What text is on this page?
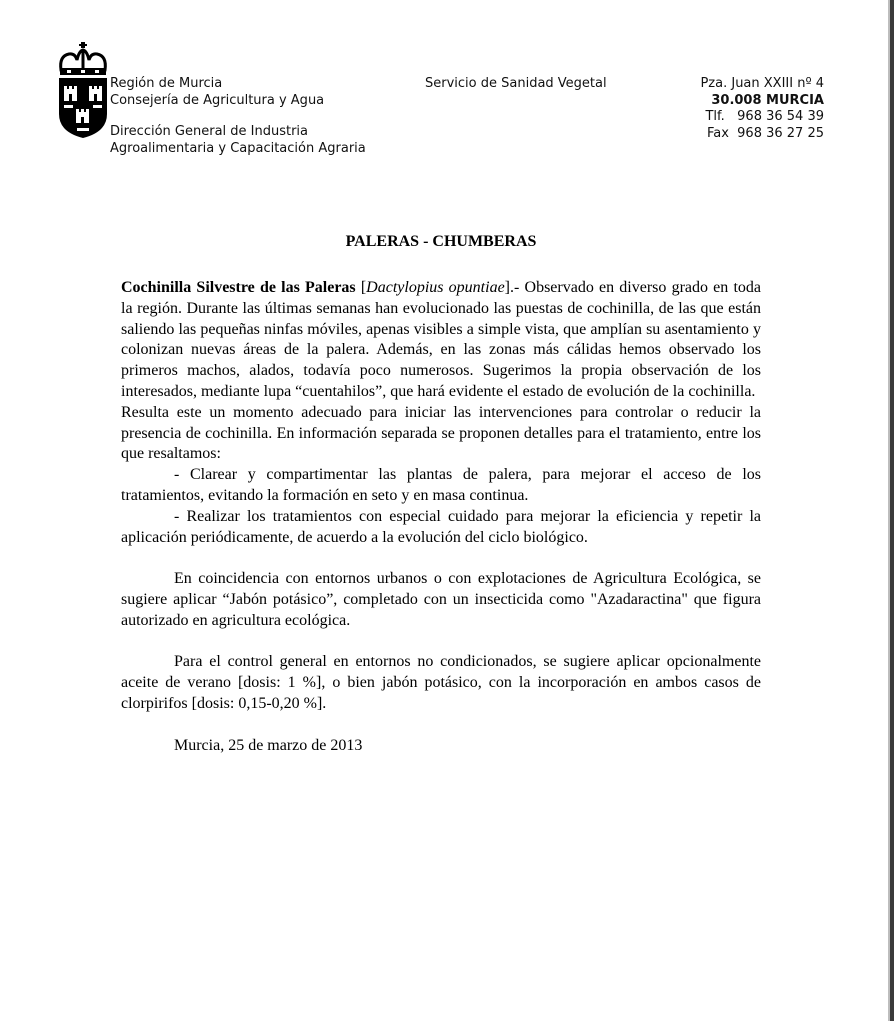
Región de Murcia
Consejería de Agricultura y Agua
Dirección General de Industria
Agroalimentaria y Capacitación Agraria
Servicio de Sanidad Vegetal	Pza. Juan XXIII nº 4
30.008 MURCIA
Tlf.   968 36 54 39
Fax  968 36 27 25
PALERAS - CHUMBERAS

Cochinilla Silvestre de las Paleras [Dactylopius opuntiae].- Observado en diverso grado en toda la región. Durante las últimas semanas han evolucionado las puestas de cochinilla, de las que están saliendo las pequeñas ninfas móviles, apenas visibles a simple vista, que amplían su asentamiento y colonizan nuevas áreas de la palera. Además, en las zonas más cálidas hemos observado los primeros machos, alados, todavía poco numerosos. Sugerimos la propia observación de los interesados, mediante lupa “cuentahilos”, que hará evidente el estado de evolución de la cochinilla.

Resulta este un momento adecuado para iniciar las intervenciones para controlar o reducir la presencia de cochinilla. En información separada se proponen detalles para el tratamiento, entre los que resaltamos:

- Clarear y compartimentar las plantas de palera, para mejorar el acceso de los tratamientos, evitando la formación en seto y en masa continua.

- Realizar los tratamientos con especial cuidado para mejorar la eficiencia y repetir la aplicación periódicamente, de acuerdo a la evolución del ciclo biológico.

En coincidencia con entornos urbanos o con explotaciones de Agricultura Ecológica, se sugiere aplicar “Jabón potásico”, completado con un insecticida como "Azadaractina" que figura autorizado en agricultura ecológica.

Para el control general en entornos no condicionados, se sugiere aplicar opcionalmente aceite de verano [dosis: 1 %], o bien jabón potásico, con la incorporación en ambos casos de clorpirifos [dosis: 0,15-0,20 %].

Murcia, 25 de marzo de 2013
